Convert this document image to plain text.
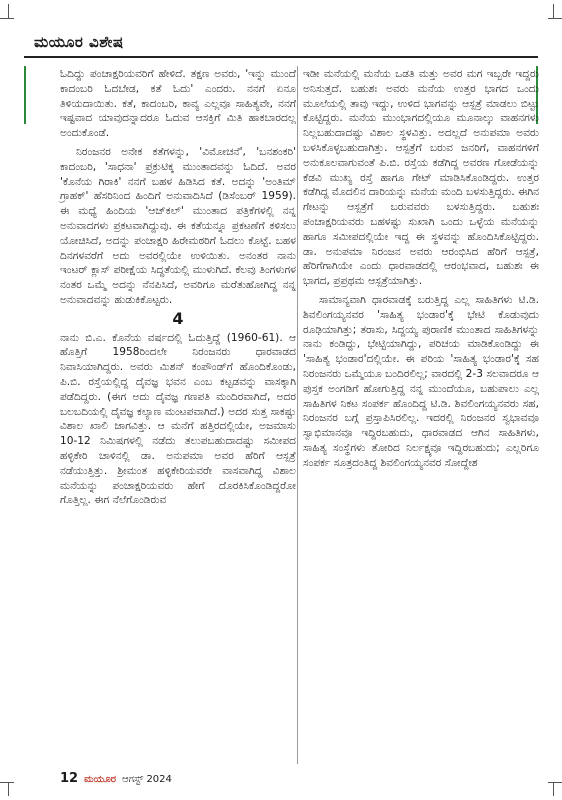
ಮಯೂರ ವಿಶೇಷ

ಓದಿದ್ದು ಪಂಚಾಕ್ಷರಿಯವರಿಗೆ ಹೇಳಿದೆ. ತಕ್ಷಣ ಅವರು, 'ಇನ್ನು ಮುಂದೆ ಕಾದಂಬರಿ ಓದಬೇಡ, ಕತೆ ಓದು' ಎಂದರು. ನನಗೆ ಏನೂ ತಿಳಿಯದಾಯಿತು. ಕತೆ, ಕಾದಂಬರಿ, ಕಾವ್ಯ ಎಲ್ಲವೂ ಸಾಹಿತ್ಯವೇ, ನನಗೆ ಇಷ್ಟವಾದ ಯಾವುದನ್ನಾದರೂ ಓದುವ ಆಸಕ್ತಿಗೆ ಮಿತಿ ಹಾಕಬಾರದಲ್ಲ ಅಂದುಕೊಂಡೆ.

ನಿರಂಜನರ ಅನೇಕ ಕತೆಗಳನ್ನು, 'ವಿಮೋಚನೆ', 'ಬನಶಂಕರಿ' ಕಾದಂಬರಿ, 'ಸಾಧನಾ' ಪ್ರಕ್ರುಟಿಕ್ಕ ಮುಂತಾದವನ್ನು ಓದಿದೆ. ಅವರ 'ಕೊನೆಯ ಗಿರಾಕಿ' ನನಗೆ ಬಹಳ ಹಿಡಿಸಿದ ಕತೆ. ಅದನ್ನು 'ಅಂತಿಮ್ ಗ್ರಾಹಕ್' ಹೆಸರಿನಿಂದ ಹಿಂದಿಗೆ ಅನುವಾದಿಸಿದೆ (ಡಿಸೆಂಬರ್ 1959). ಈ ಮಧ್ಯೆ ಹಿಂದಿಯ 'ಆಜ್‌ಕಲ್' ಮುಂತಾದ ಪತ್ರಿಕೆಗಳಲ್ಲಿ ನನ್ನ ಅನುವಾದಗಳು ಪ್ರಕಟವಾಗಿದ್ದುವು. ಈ ಕತೆಯನ್ನೂ ಪ್ರಕಟಣೆಗೆ ಕಳಿಸಲು ಯೋಚಿಸಿದೆ, ಅದನ್ನು ಪಂಚಾಕ್ಷರಿ ಹಿರೇಮಠರಿಗೆ ಓದಲು ಕೊಟ್ಟೆ. ಬಹಳ ದಿನಗಳವರೆಗೆ ಅದು ಅವರಲ್ಲಿಯೇ ಉಳಿಯಿತು. ಅನಂತರ ನಾನು ಇಂಟರ್ ಕ್ಲಾಸ್ ಪರೀಕ್ಷೆಯ ಸಿದ್ಧತೆಯಲ್ಲಿ ಮುಳುಗಿದೆ. ಕೆಲವು ತಿಂಗಳುಗಳ ನಂತರ ಒಮ್ಮೆ ಅದನ್ನು ನೆನಪಿಸಿದೆ, ಅವರಿಗೂ ಮರೆತುಹೋಗಿದ್ದ ನನ್ನ ಅನುವಾದವನ್ನು ಹುಡುಕಿಕೊಟ್ಟರು.

4

ನಾನು ಬಿ.ಎ. ಕೊನೆಯ ವರ್ಷದಲ್ಲಿ ಓದುತ್ತಿದ್ದೆ (1960-61). ಆ ಹೊತ್ತಿಗೆ 1958ರಿಂದಲೇ ನಿರಂಜನರು ಧಾರವಾಡದ ನಿವಾಸಿಯಾಗಿದ್ದರು. ಅವರು ಮಿಶನ್ ಕಂಪೌಂಡ್‌ಗೆ ಹೊಂದಿಕೊಂಡು, ಪಿ.ಬಿ. ರಸ್ತೆಯಲ್ಲಿದ್ದ ದೈವಜ್ಞ ಭವನ ಎಂಬ ಕಟ್ಟಡವನ್ನು ವಾಸಕ್ಕಾಗಿ ಪಡೆದಿದ್ದರು. (ಈಗ ಅದು ದೈವಜ್ಞ ಗಣಪತಿ ಮಂದಿರವಾಗಿದೆ, ಅದರ ಬಲಬದಿಯಲ್ಲಿ ದೈವಜ್ಞ ಕಲ್ಯಾಣ ಮಂಟಪವಾಗಿದೆ.) ಅದರ ಸುತ್ತ ಸಾಕಷ್ಟು ವಿಶಾಲ ಖಾಲಿ ಜಾಗವಿತ್ತು. ಆ ಮನೆಗೆ ಹತ್ತಿರದಲ್ಲಿಯೇ, ಅಜಮಾಸು 10-12 ನಿಮಿಷಗಳಲ್ಲಿ ನಡೆದು ತಲುಪಬಹುದಾದಷ್ಟು ಸಮೀಪದ ಹಳ್ಳಿಕೇರಿ ಚಾಳಿನಲ್ಲಿ ಡಾ. ಅನುಪಮಾ ಅವರ ಹೆರಿಗೆ ಆಸ್ಪತ್ರೆ ನಡೆಯುತ್ತಿತ್ತು. ಶ್ರೀಮಂತ ಹಳ್ಳಿಕೇರಿಯವರೇ ವಾಸವಾಗಿದ್ದ ವಿಶಾಲ ಮನೆಯನ್ನು ಪಂಚಾಕ್ಷರಿಯವರು ಹೇಗೆ ದೊರಕಿಸಿಕೊಂಡಿದ್ದರೋ ಗೊತ್ತಿಲ್ಲ. ಈಗ ನೆಲೆಗೊಂಡಿರುವ

ಇಡೀ ಮನೆಯಲ್ಲಿ ಮನೆಯ ಒಡತಿ ಮತ್ತು ಅವರ ಮಗ ಇಬ್ಬರೇ ಇದ್ದರು ಅನಿಸುತ್ತದೆ. ಬಹುಶಃ ಅವರು ಮನೆಯ ಉತ್ತರ ಭಾಗದ ಒಂದು ಮೂಲೆಯಲ್ಲಿ ತಾವು ಇದ್ದು, ಉಳಿದ ಭಾಗವನ್ನು ಆಸ್ಪತ್ರೆ ಮಾಡಲು ಬಿಟ್ಟು ಕೊಟ್ಟಿದ್ದರು. ಮನೆಯ ಮುಂಭಾಗದಲ್ಲಿಯೂ ಮೂನಾಲ್ಕು ವಾಹನಗಳು ನಿಲ್ಲಬಹುದಾದಷ್ಟು ವಿಶಾಲ ಸ್ಥಳವಿತ್ತು. ಅದಲ್ಲದೆ ಅನುಪಮಾ ಅವರು ಬಳಸಿಕೊಳ್ಳಬಹುದಾಗಿತ್ತು. ಆಸ್ಪತ್ರೆಗೆ ಬರುವ ಜನರಿಗೆ, ವಾಹನಗಳಿಗೆ ಅನುಕೂಲವಾಗುವಂತೆ ಪಿ.ಬಿ. ರಸ್ತೆಯ ಕಡೆಗಿದ್ದ ಅವರಣ ಗೋಡೆಯನ್ನು ಕೆಡವಿ ಮುಖ್ಯ ರಸ್ತೆ ಹಾಗೂ ಗೇಟ್ ಮಾಡಿಸಿಕೊಂಡಿದ್ದರು. ಉತ್ತರ ಕಡೆಗಿದ್ದ ಮೊದಲಿನ ದಾರಿಯನ್ನು ಮನೆಯ ಮಂದಿ ಬಳಸುತ್ತಿದ್ದರು. ಈಗಿನ ಗೇಟನ್ನು ಆಸ್ಪತ್ರೆಗೆ ಬರುವವರು ಬಳಸುತ್ತಿದ್ದರು. ಬಹುಶಃ ಪಂಚಾಕ್ಷರಿಯವರು ಬಹಳಷ್ಟು ಸುಖಾಗಿ ಒಂದು ಒಳ್ಳೆಯ ಮನೆಯನ್ನು ಹಾಗೂ ಸಮೀಪದಲ್ಲಿಯೇ ಇದ್ದ ಈ ಸ್ಥಳವನ್ನು ಹೊಂದಿಸಿಕೊಟ್ಟಿದ್ದರು. ಡಾ. ಅನುಪಮಾ ನಿರಂಜನ ಅವರು ಆರಂಭಿಸಿದ ಹೆರಿಗೆ ಆಸ್ಪತ್ರೆ, ಹೆರಿಗೆಗಾಗಿಯೇ ಎಂದು ಧಾರವಾಡದಲ್ಲಿ ಆರಂಭವಾದ, ಬಹುಶಃ ಈ ಭಾಗದ, ಪ್ರಪ್ರಥಮ ಆಸ್ಪತ್ರೆಯಾಗಿತ್ತು.

ಸಾಮಾನ್ಯವಾಗಿ ಧಾರವಾಡಕ್ಕೆ ಬರುತ್ತಿದ್ದ ಎಲ್ಲ ಸಾಹಿತಿಗಳು ಟಿ.ಡಿ. ಶಿವಲಿಂಗಯ್ಯನವರ 'ಸಾಹಿತ್ಯ ಭಂಡಾರ'ಕ್ಕೆ ಭೇಟಿ ಕೊಡುವುದು ರೂಢಿಯಾಗಿತ್ತು; ತರಾಸು, ಸಿದ್ದಯ್ಯ ಪುರಾಣಿಕ ಮುಂತಾದ ಸಾಹಿತಿಗಳನ್ನು ನಾನು ಕಂಡಿದ್ದು, ಭೇಟ್ಟಿಯಾಗಿದ್ದು, ಪರಿಚಯ ಮಾಡಿಕೊಂಡಿದ್ದು ಈ 'ಸಾಹಿತ್ಯ ಭಂಡಾರ'ದಲ್ಲಿಯೇ. ಈ ಪರಿಯ 'ಸಾಹಿತ್ಯ ಭಂಡಾರ'ಕ್ಕೆ ಸಹ ನಿರಂಜನರು ಒಮ್ಮೆಯೂ ಬಂದಿರಲಿಲ್ಲ; ವಾರದಲ್ಲಿ 2-3 ಸಲವಾದರೂ ಆ ಪುಸ್ತಕ ಅಂಗಡಿಗೆ ಹೋಗುತ್ತಿದ್ದ ನನ್ನ ಮುಂದೆಯೂ, ಬಹುಪಾಲು ಎಲ್ಲ ಸಾಹಿತಿಗಳ ನಿಕಟ ಸಂಪರ್ಕ ಹೊಂದಿದ್ದ ಟಿ.ಡಿ. ಶಿವಲಿಂಗಯ್ಯನವರು ಸಹ, ನಿರಂಜನರ ಬಗ್ಗೆ ಪ್ರಸ್ತಾಪಿಸಿರಲಿಲ್ಲ. ಇದರಲ್ಲಿ ನಿರಂಜನರ ಸ್ವಭಾವವೂ ಸ್ವಾಭಿಮಾನವೂ ಇದ್ದಿರಬಹುದು, ಧಾರವಾಡದ ಆಗಿನ ಸಾಹಿತಿಗಳು, ಸಾಹಿತ್ಯ ಸಂಸ್ಥೆಗಳು ತೋರಿದ ನಿರ್ಲಕ್ಷ್ಯವೂ ಇದ್ದಿರಬಹುದು; ಎಲ್ಲರಿಗೂ ಸಂಪರ್ಕ ಸೂತ್ರದಂತಿದ್ದ ಶಿವಲಿಂಗಯ್ಯನವರ ಸೋದ್ದೇಶ

12 ಮಯೂರ ಆಗಸ್ಟ್ 2024
